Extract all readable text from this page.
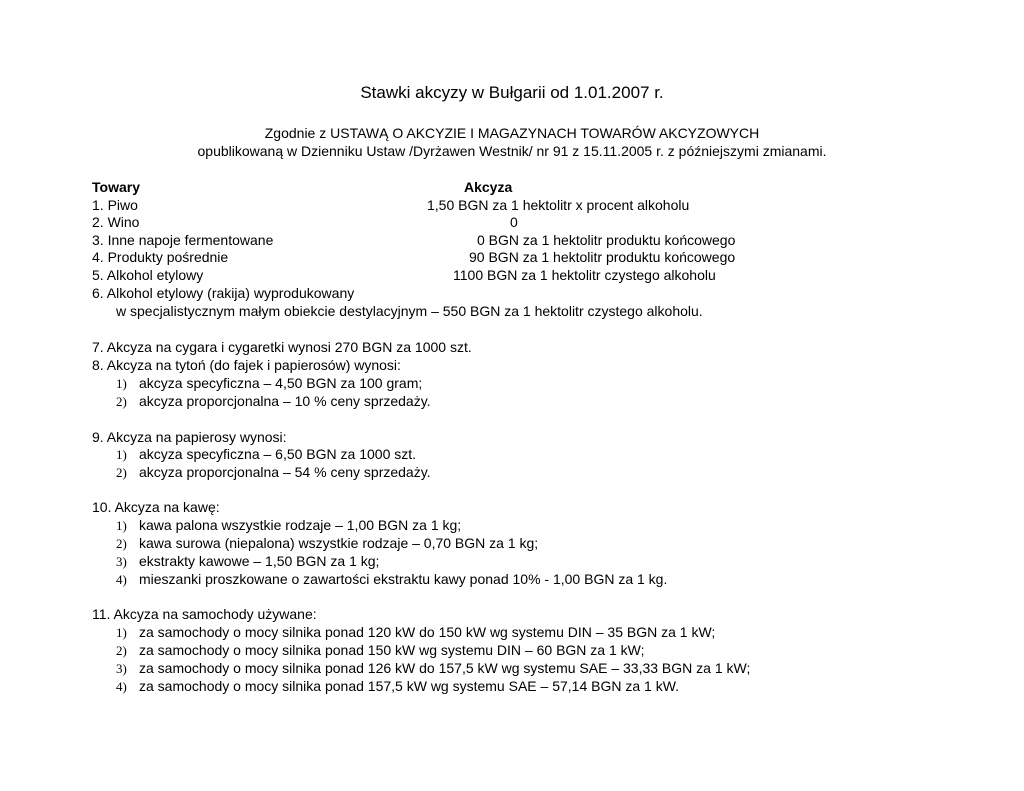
Stawki akcyzy w Bułgarii od 1.01.2007 r.
Zgodnie z USTAWĄ O AKCYZIE I MAGAZYNACH TOWARÓW AKCYZOWYCH
opublikowaną w Dzienniku Ustaw /Dyrżawen Westnik/ nr 91 z 15.11.2005 r. z późniejszymi zmianami.
Towary	Akcyza
1. Piwo	1,50 BGN za 1 hektolitr x procent alkoholu
2. Wino	0
3. Inne napoje fermentowane	0 BGN za 1 hektolitr produktu końcowego
4. Produkty pośrednie	90 BGN za 1 hektolitr produktu końcowego
5. Alkohol etylowy	1100 BGN za 1 hektolitr czystego alkoholu
6. Alkohol etylowy (rakija) wyprodukowany
w specjalistycznym małym obiekcie destylacyjnym – 550 BGN za 1 hektolitr czystego alkoholu.
7. Akcyza na cygara i cygaretki wynosi 270 BGN za 1000 szt.
8. Akcyza na tytoń (do fajek i papierosów) wynosi:
1) akcyza specyficzna – 4,50 BGN za 100 gram;
2) akcyza proporcjonalna – 10 % ceny sprzedaży.
9. Akcyza na papierosy wynosi:
1) akcyza specyficzna – 6,50 BGN za 1000 szt.
2) akcyza proporcjonalna – 54 % ceny sprzedaży.
10. Akcyza na kawę:
1) kawa palona wszystkie rodzaje – 1,00 BGN za 1 kg;
2) kawa surowa (niepalona) wszystkie rodzaje – 0,70 BGN za 1 kg;
3) ekstrakty kawowe – 1,50 BGN za 1 kg;
4) mieszanki proszkowane o zawartości ekstraktu kawy ponad 10% - 1,00 BGN za 1 kg.
11. Akcyza na samochody używane:
1) za samochody o mocy silnika ponad 120 kW do 150 kW wg systemu DIN – 35 BGN za 1 kW;
2) za samochody o mocy silnika ponad 150 kW wg systemu DIN – 60 BGN za 1 kW;
3) za samochody o mocy silnika ponad 126 kW do 157,5 kW wg systemu SAE – 33,33 BGN za 1 kW;
4) za samochody o mocy silnika ponad 157,5 kW wg systemu SAE – 57,14 BGN za 1 kW.
